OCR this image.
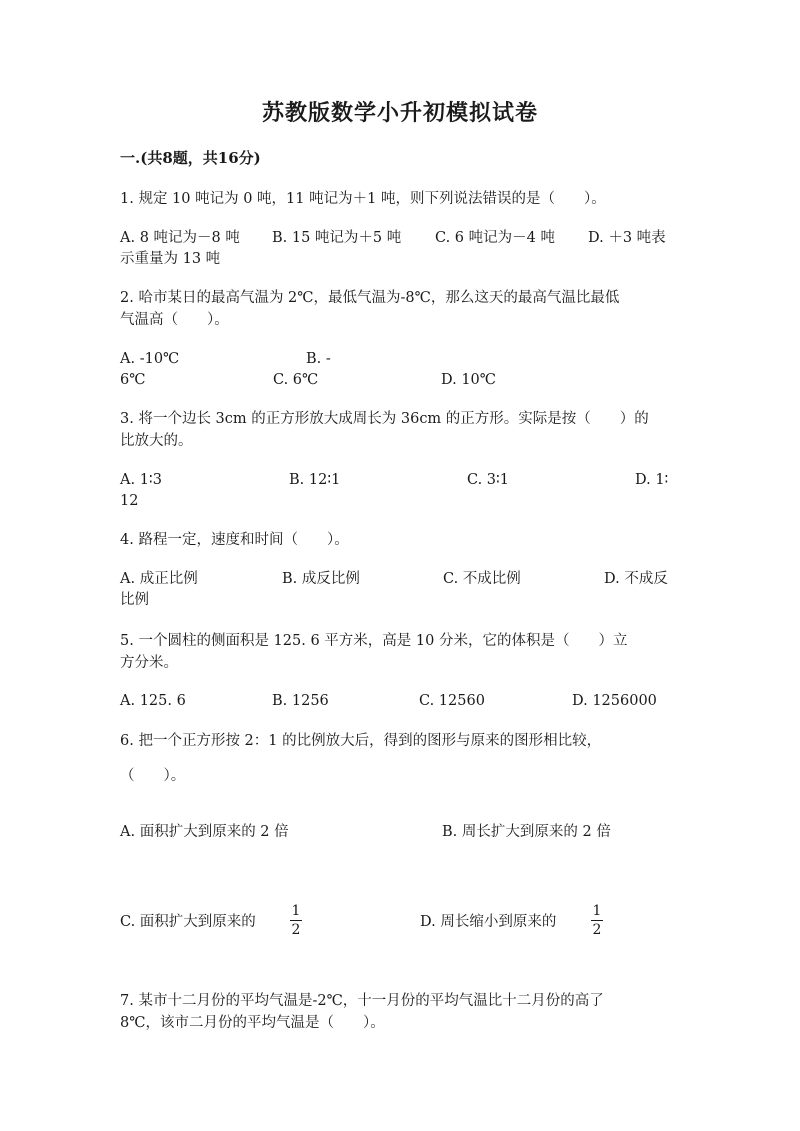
苏教版数学小升初模拟试卷
一.(共8题，共16分)
1. 规定 10 吨记为 0 吨，11 吨记为＋1 吨，则下列说法错误的是（　　）。
A. 8 吨记为－8 吨 B. 15 吨记为＋5 吨 C. 6 吨记为－4 吨 D. ＋3 吨表
示重量为 13 吨
2. 哈市某日的最高气温为 2℃，最低气温为-8℃，那么这天的最高气温比最低
气温高（　　）。
A. -10℃	B. -
6℃	C. 6℃	D. 10℃
3. 将一个边长 3cm 的正方形放大成周长为 36cm 的正方形。实际是按（　　）的
比放大的。
A. 1∶3	B. 12∶1	C. 3∶1	D. 1∶
12
4. 路程一定，速度和时间（　　）。
A. 成正比例	B. 成反比例	C. 不成比例	D. 不成反
比例
5. 一个圆柱的侧面积是 125. 6 平方米，高是 10 分米，它的体积是（　　）立
方分米。
A. 125. 6	B. 1256	C. 12560	D. 1256000
6. 把一个正方形按 2：1 的比例放大后，得到的图形与原来的图形相比较，
（　　）。
A. 面积扩大到原来的 2 倍	B. 周长扩大到原来的 2 倍
C. 面积扩大到原来的
1
2	D. 周长缩小到原来的
1
2
7. 某市十二月份的平均气温是-2℃，十一月份的平均气温比十二月份的高了
8℃，该市二月份的平均气温是（　　）。
